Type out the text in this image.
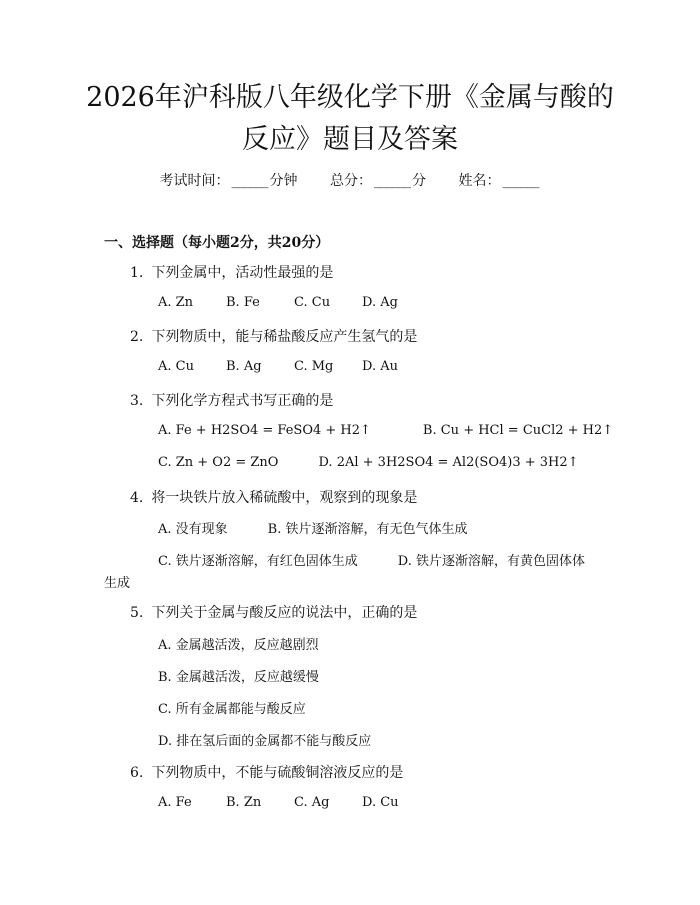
2026年沪科版八年级化学下册《金属与酸的
反应》题目及答案
考试时间： ______ 分钟 总分： ______ 分 姓名： ______
一、选择题（每小题2分，共20分）
1. 下列金属中，活动性最强的是
A. Zn	B. Fe	C. Cu D. Ag
2. 下列物质中，能与稀盐酸反应产生氢气的是
A. Cu B. Ag C. Mg D. Au
3. 下列化学方程式书写正确的是
A. Fe + H2SO4 = FeSO4 + H2↑	B. Cu + HCl = CuCl2 + H2↑
C. Zn + O2 = ZnO	D. 2Al + 3H2SO4 = Al2(SO4)3 + 3H2↑
4. 将一块铁片放入稀硫酸中，观察到的现象是
A. 没有现象	B. 铁片逐渐溶解，有无色气体生成
C. 铁片逐渐溶解，有红色固体生成	D. 铁片逐渐溶解，有黄色固体体
生成
5. 下列关于金属与酸反应的说法中，正确的是
A. 金属越活泼，反应越剧烈
B. 金属越活泼，反应越缓慢
C. 所有金属都能与酸反应
D. 排在氢后面的金属都不能与酸反应
6. 下列物质中，不能与硫酸铜溶液反应的是
A. Fe	B. Zn	C. Ag	D. Cu
